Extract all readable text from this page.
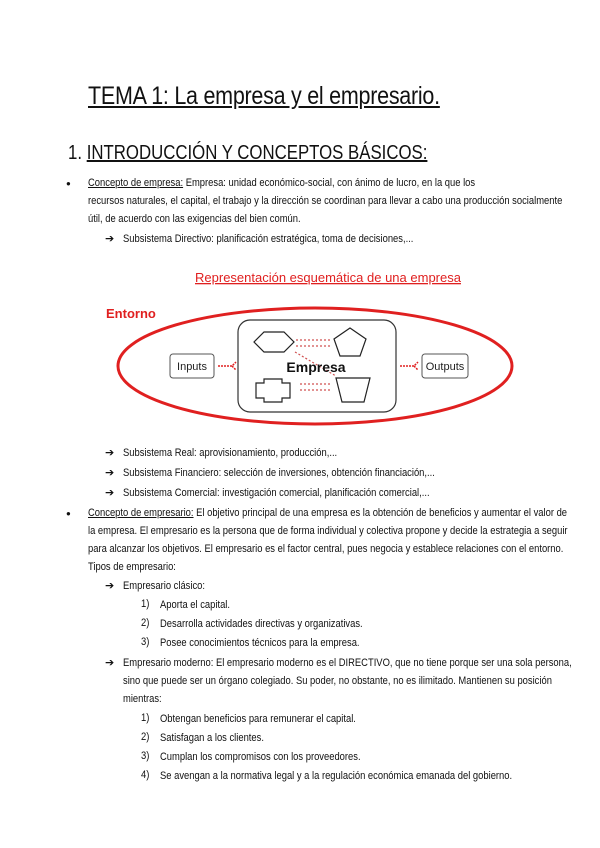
TEMA 1: La empresa y el empresario.
1. INTRODUCCIÓN Y CONCEPTOS BÁSICOS:
● Concepto de empresa: Empresa: unidad económico-social, con ánimo de lucro, en la que los
recursos naturales, el capital, el trabajo y la dirección se coordinan para llevar a cabo una producción socialmente
útil, de acuerdo con las exigencias del bien común.
➔ Subsistema Directivo: planificación estratégica, toma de decisiones,...
Representación esquemática de una empresa
Entorno
Inputs	Empresa	Outputs
➔ Subsistema Real: aprovisionamiento, producción,...
➔ Subsistema Financiero: selección de inversiones, obtención financiación,...
➔ Subsistema Comercial: investigación comercial, planificación comercial,...
● Concepto de empresario: El objetivo principal de una empresa es la obtención de beneficios y aumentar el valor de
la empresa. El empresario es la persona que de forma individual y colectiva propone y decide la estrategia a seguir
para alcanzar los objetivos. El empresario es el factor central, pues negocia y establece relaciones con el entorno.
Tipos de empresario:
➔ Empresario clásico:
1) Aporta el capital.
2) Desarrolla actividades directivas y organizativas.
3) Posee conocimientos técnicos para la empresa.
➔ Empresario moderno: El empresario moderno es el DIRECTIVO, que no tiene porque ser una sola persona,
sino que puede ser un órgano colegiado. Su poder, no obstante, no es ilimitado. Mantienen su posición
mientras:
1) Obtengan beneficios para remunerar el capital.
2) Satisfagan a los clientes.
3) Cumplan los compromisos con los proveedores.
4) Se avengan a la normativa legal y a la regulación económica emanada del gobierno.
